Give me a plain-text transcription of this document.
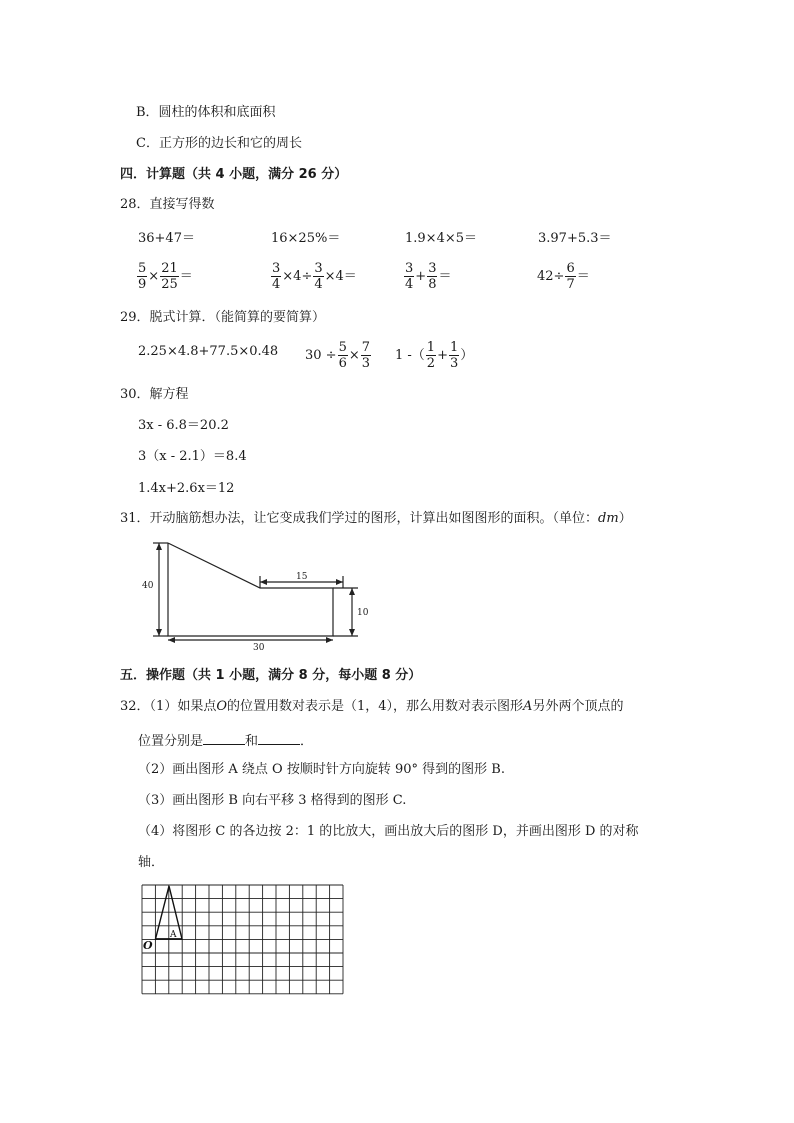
B．圆柱的体积和底面积
C．正方形的边长和它的周长
四．计算题（共 4 小题，满分 26 分）
28．直接写得数
36+47＝	16×25%＝	1.9×4×5＝	3.97+5.3＝
$\frac{5}{9} \times \frac{21}{25}$ ＝	$\frac{3}{4} \times 4\div \frac{3}{4} \times 4=$	$\frac{3}{4} + \frac{3}{8}$ ＝	$42\div \frac{6}{7}$ ＝
29．脱式计算．（能简算的要简算）
2.25×4.8+77.5×0.48 $30 \div \frac{5}{6} \times \frac{7}{3} 1$ -（ $\frac{1}{2} + \frac{1}{3}$ ）
30．解方程
3x - 6.8＝20.2
3（x - 2.1）＝8.4
1.4x+2.6x＝12
31．开动脑筋想办法，让它变成我们学过的图形，计算出如图图形的面积。（单位：dm）
40
15
10
30
五．操作题（共 1 小题，满分 8 分，每小题 8 分）
32．（1）如果点O的位置用数对表示是（1，4），那么用数对表示图形A另外两个顶点的
位置分别是	和	．
（2）画出图形 A 绕点 O 按顺时针方向旋转 90° 得到的图形 B.
（3）画出图形 B 向右平移 3 格得到的图形 C.
（4）将图形 C 的各边按 2：1 的比放大，画出放大后的图形 D，并画出图形 D 的对称
轴．
O
A
